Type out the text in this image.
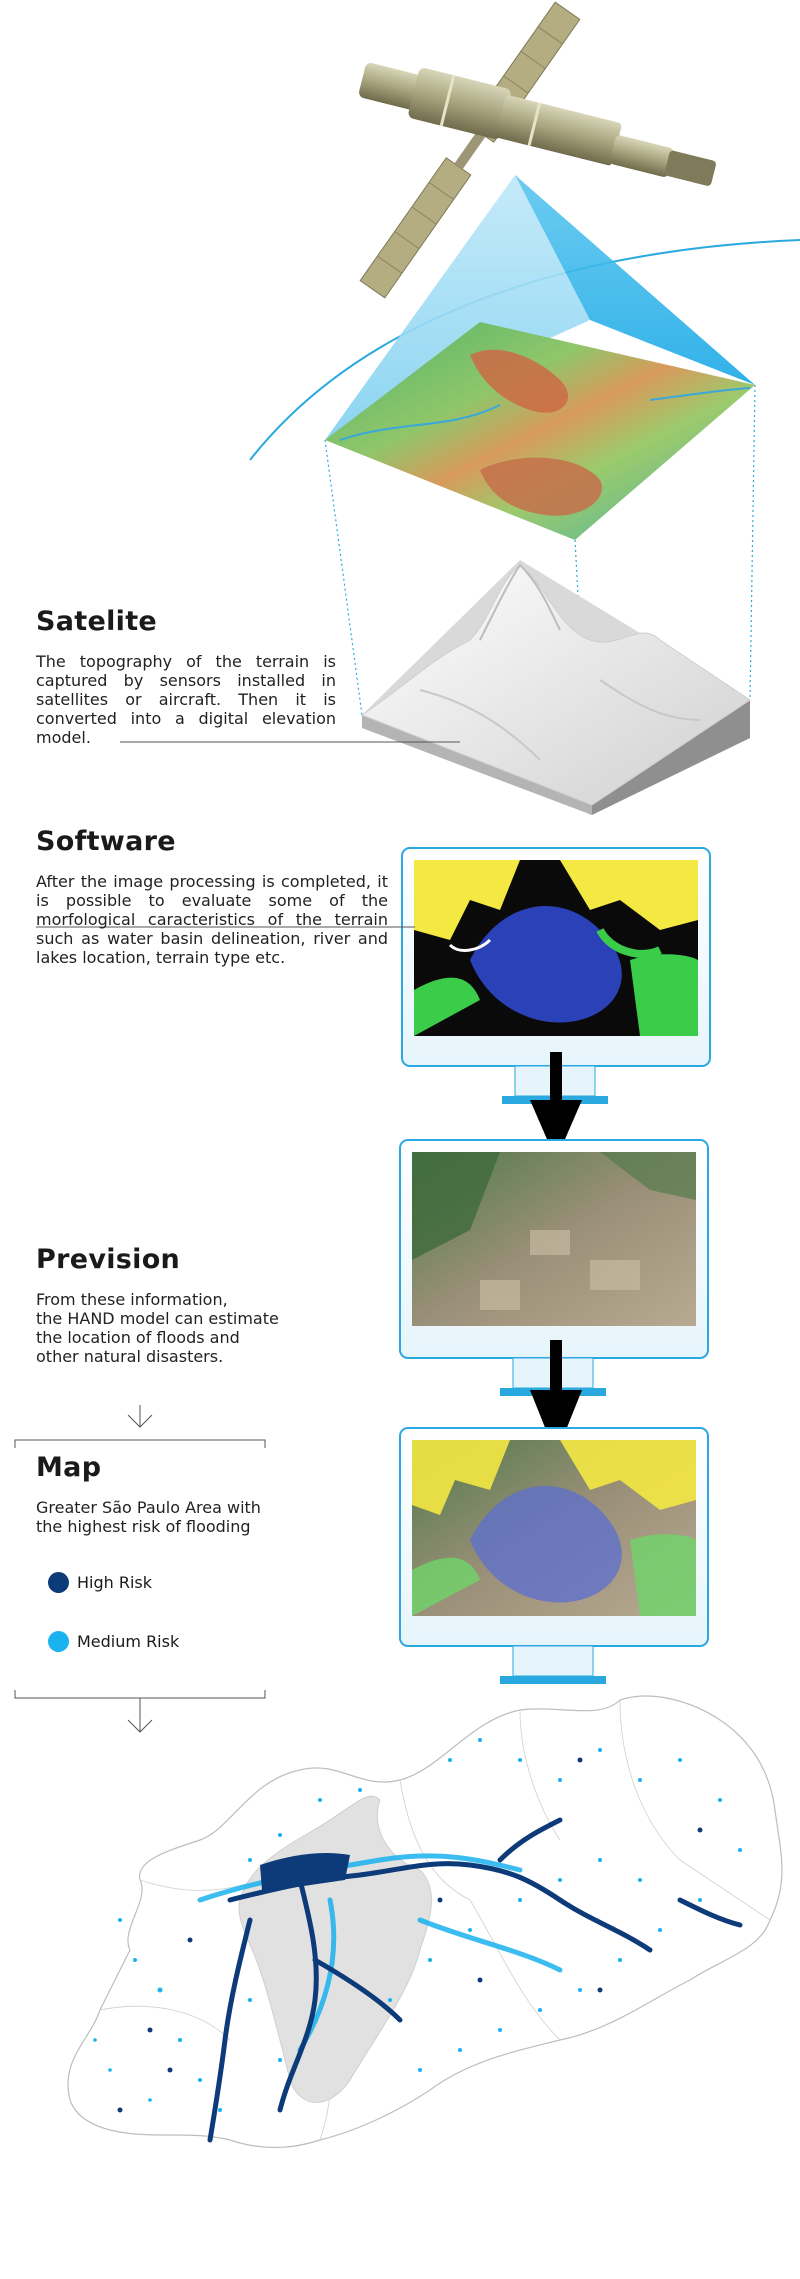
Satelite
The topography of the terrain is captured by sensors installed in satellites or aircraft. Then it is converted into a digital elevation model.
Software
After the image processing is completed, it is possible to evaluate some of the morfological caracteristics of the terrain such as water basin delineation, river and lakes location, terrain type etc.
Prevision
From these information,
the HAND model can estimate
the location of floods and
other natural disasters.
Map
Greater São Paulo Area with
the highest risk of flooding
High Risk
Medium Risk
